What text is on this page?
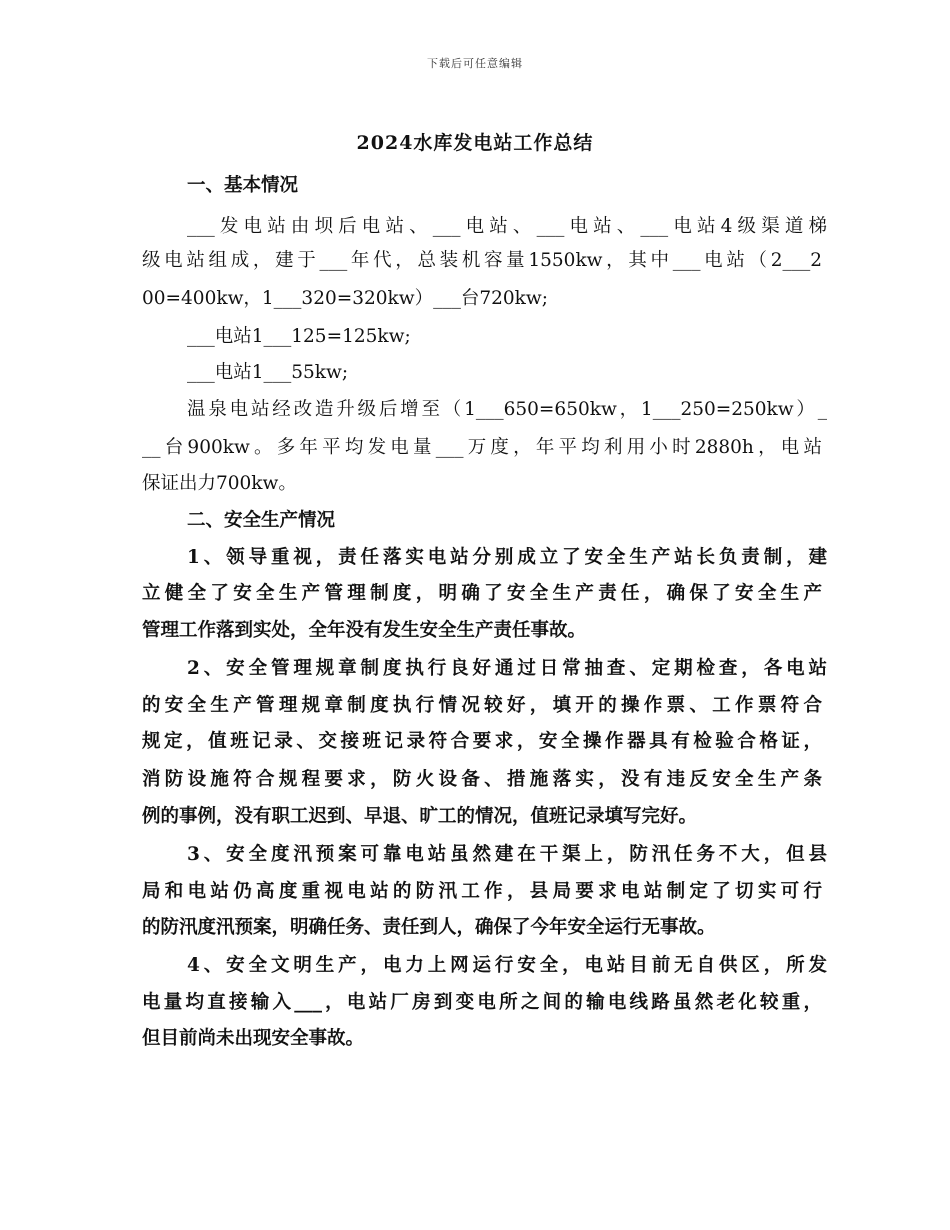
下载后可任意编辑
2024水库发电站工作总结
一、基本情况
___发电站由坝后电站、___电站、___电站、___电站4级渠道梯
级电站组成，建于___年代，总装机容量1550kw，其中___电站（2___2
00=400kw，1___320=320kw）___台720kw;
___电站1___125=125kw;
___电站1___55kw;
温泉电站经改造升级后增至（1___650=650kw，1___250=250kw）_
__台900kw。多年平均发电量___万度，年平均利用小时2880h，电站
保证出力700kw。
二、安全生产情况
1、领导重视，责任落实电站分别成立了安全生产站长负责制，建
立健全了安全生产管理制度，明确了安全生产责任，确保了安全生产
管理工作落到实处，全年没有发生安全生产责任事故。
2、安全管理规章制度执行良好通过日常抽查、定期检查，各电站
的安全生产管理规章制度执行情况较好，填开的操作票、工作票符合
规定，值班记录、交接班记录符合要求，安全操作器具有检验合格证，
消防设施符合规程要求，防火设备、措施落实，没有违反安全生产条
例的事例，没有职工迟到、早退、旷工的情况，值班记录填写完好。
3、安全度汛预案可靠电站虽然建在干渠上，防汛任务不大，但县
局和电站仍高度重视电站的防汛工作，县局要求电站制定了切实可行
的防汛度汛预案，明确任务、责任到人，确保了今年安全运行无事故。
4、安全文明生产，电力上网运行安全，电站目前无自供区，所发
电量均直接输入___，电站厂房到变电所之间的输电线路虽然老化较重，
但目前尚未出现安全事故。
